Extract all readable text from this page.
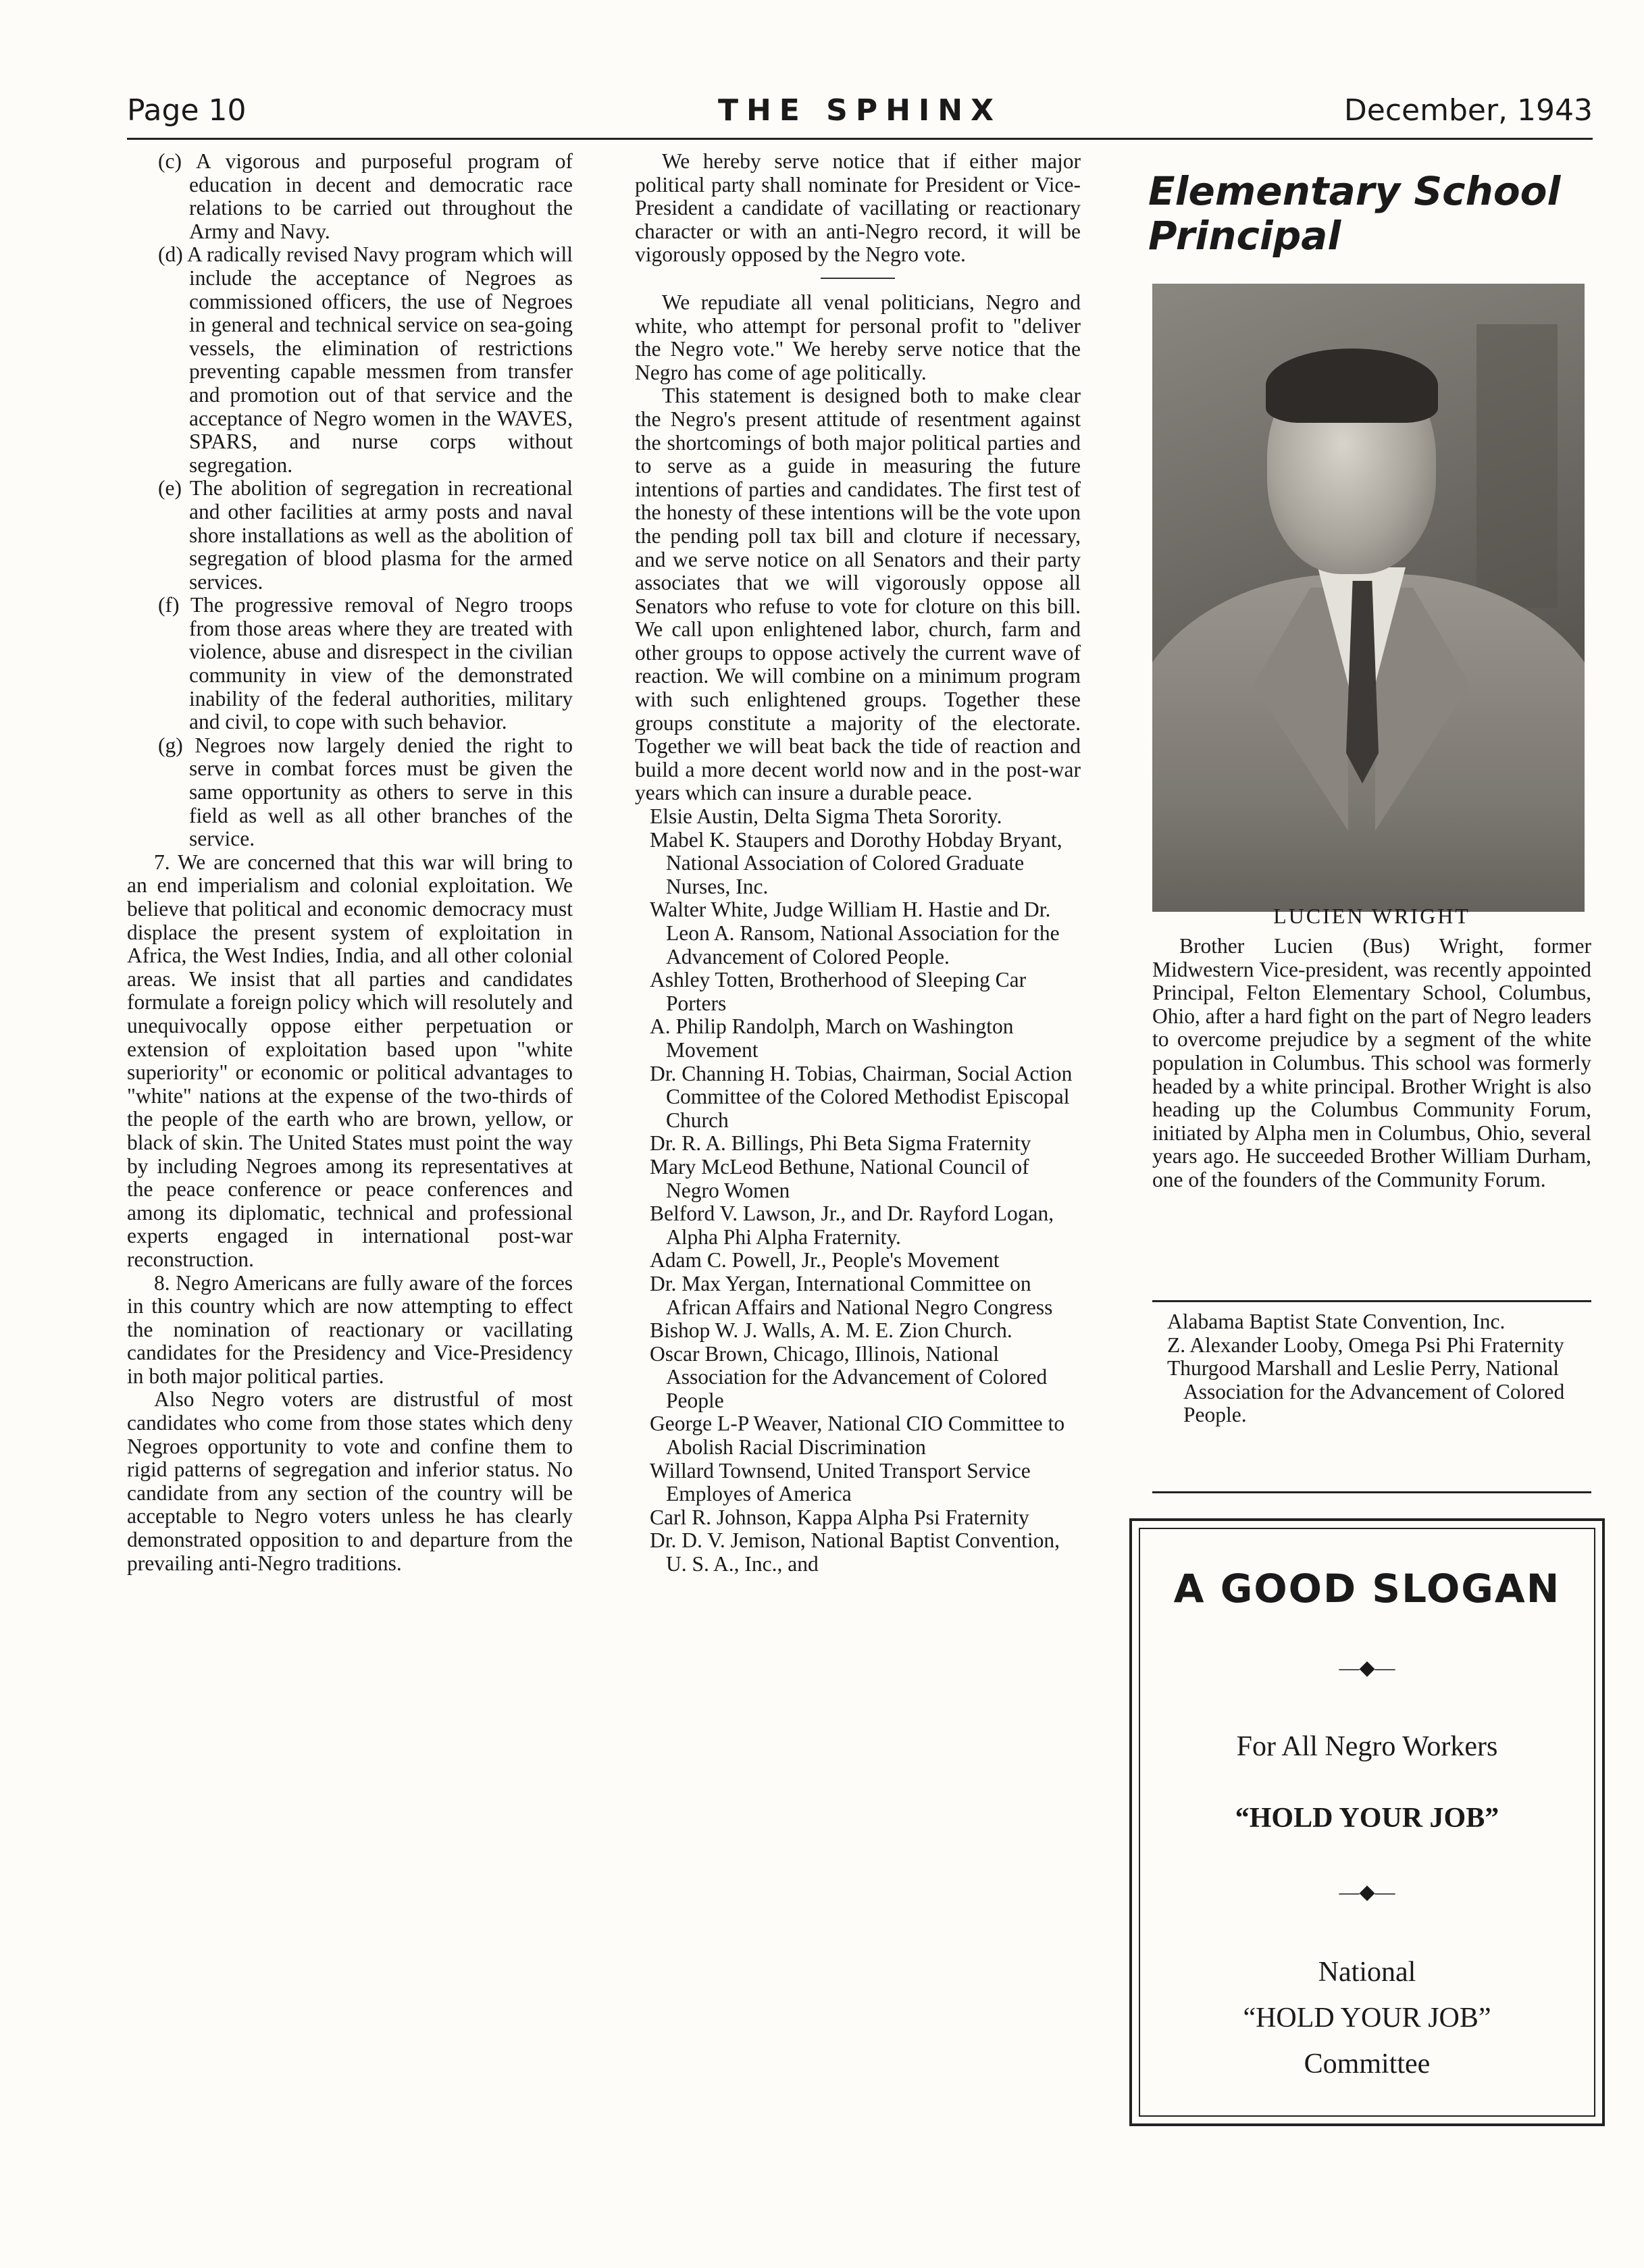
Page 10	THE SPHINX	December, 1943

(c) A vigorous and purposeful program of education in decent and democratic race relations to be carried out throughout the Army and Navy.

(d) A radically revised Navy program which will include the acceptance of Negroes as commissioned officers, the use of Negroes in general and technical service on sea-going vessels, the elimination of restrictions preventing capable messmen from transfer and promotion out of that service and the acceptance of Negro women in the WAVES, SPARS, and nurse corps without segregation.

(e) The abolition of segregation in recreational and other facilities at army posts and naval shore installations as well as the abolition of segregation of blood plasma for the armed services.

(f) The progressive removal of Negro troops from those areas where they are treated with violence, abuse and disrespect in the civilian community in view of the demonstrated inability of the federal authorities, military and civil, to cope with such behavior.

(g) Negroes now largely denied the right to serve in combat forces must be given the same opportunity as others to serve in this field as well as all other branches of the service.

7. We are concerned that this war will bring to an end imperialism and colonial exploitation. We believe that political and economic democracy must displace the present system of exploitation in Africa, the West Indies, India, and all other colonial areas. We insist that all parties and candidates formulate a foreign policy which will resolutely and unequivocally oppose either perpetuation or extension of exploitation based upon "white superiority" or economic or political advantages to "white" nations at the expense of the two-thirds of the people of the earth who are brown, yellow, or black of skin. The United States must point the way by including Negroes among its representatives at the peace conference or peace conferences and among its diplomatic, technical and professional experts engaged in international post-war reconstruction.

8. Negro Americans are fully aware of the forces in this country which are now attempting to effect the nomination of reactionary or vacillating candidates for the Presidency and Vice-Presidency in both major political parties.

Also Negro voters are distrustful of most candidates who come from those states which deny Negroes opportunity to vote and confine them to rigid patterns of segregation and inferior status. No candidate from any section of the country will be acceptable to Negro voters unless he has clearly demonstrated opposition to and departure from the prevailing anti-Negro traditions.

We hereby serve notice that if either major political party shall nominate for President or Vice-President a candidate of vacillating or reactionary character or with an anti-Negro record, it will be vigorously opposed by the Negro vote.

We repudiate all venal politicians, Negro and white, who attempt for personal profit to "deliver the Negro vote." We hereby serve notice that the Negro has come of age politically.

This statement is designed both to make clear the Negro's present attitude of resentment against the shortcomings of both major political parties and to serve as a guide in measuring the future intentions of parties and candidates. The first test of the honesty of these intentions will be the vote upon the pending poll tax bill and cloture if necessary, and we serve notice on all Senators and their party associates that we will vigorously oppose all Senators who refuse to vote for cloture on this bill. We call upon enlightened labor, church, farm and other groups to oppose actively the current wave of reaction. We will combine on a minimum program with such enlightened groups. Together these groups constitute a majority of the electorate. Together we will beat back the tide of reaction and build a more decent world now and in the post-war years which can insure a durable peace.

Elsie Austin, Delta Sigma Theta Sorority.

Mabel K. Staupers and Dorothy Hobday Bryant, National Association of Colored Graduate Nurses, Inc.

Walter White, Judge William H. Hastie and Dr. Leon A. Ransom, National Association for the Advancement of Colored People.

Ashley Totten, Brotherhood of Sleeping Car Porters

A. Philip Randolph, March on Washington Movement

Dr. Channing H. Tobias, Chairman, Social Action Committee of the Colored Methodist Episcopal Church

Dr. R. A. Billings, Phi Beta Sigma Fraternity

Mary McLeod Bethune, National Council of Negro Women

Belford V. Lawson, Jr., and Dr. Rayford Logan, Alpha Phi Alpha Fraternity.

Adam C. Powell, Jr., People's Movement

Dr. Max Yergan, International Committee on African Affairs and National Negro Congress

Bishop W. J. Walls, A. M. E. Zion Church.

Oscar Brown, Chicago, Illinois, National Association for the Advancement of Colored People

George L-P Weaver, National CIO Committee to Abolish Racial Discrimination

Willard Townsend, United Transport Service Employes of America

Carl R. Johnson, Kappa Alpha Psi Fraternity

Dr. D. V. Jemison, National Baptist Convention, U. S. A., Inc., and

Elementary School Principal
LUCIEN WRIGHT

Brother Lucien (Bus) Wright, former Midwestern Vice-president, was recently appointed Principal, Felton Elementary School, Columbus, Ohio, after a hard fight on the part of Negro leaders to overcome prejudice by a segment of the white population in Columbus. This school was formerly headed by a white principal. Brother Wright is also heading up the Columbus Community Forum, initiated by Alpha men in Columbus, Ohio, several years ago. He succeeded Brother William Durham, one of the founders of the Community Forum.

Alabama Baptist State Convention, Inc.

Z. Alexander Looby, Omega Psi Phi Fraternity

Thurgood Marshall and Leslie Perry, National Association for the Advancement of Colored People.

A GOOD SLOGAN
—◆—
For All Negro Workers
“HOLD YOUR JOB”
—◆—
National
“HOLD YOUR JOB”
Committee
